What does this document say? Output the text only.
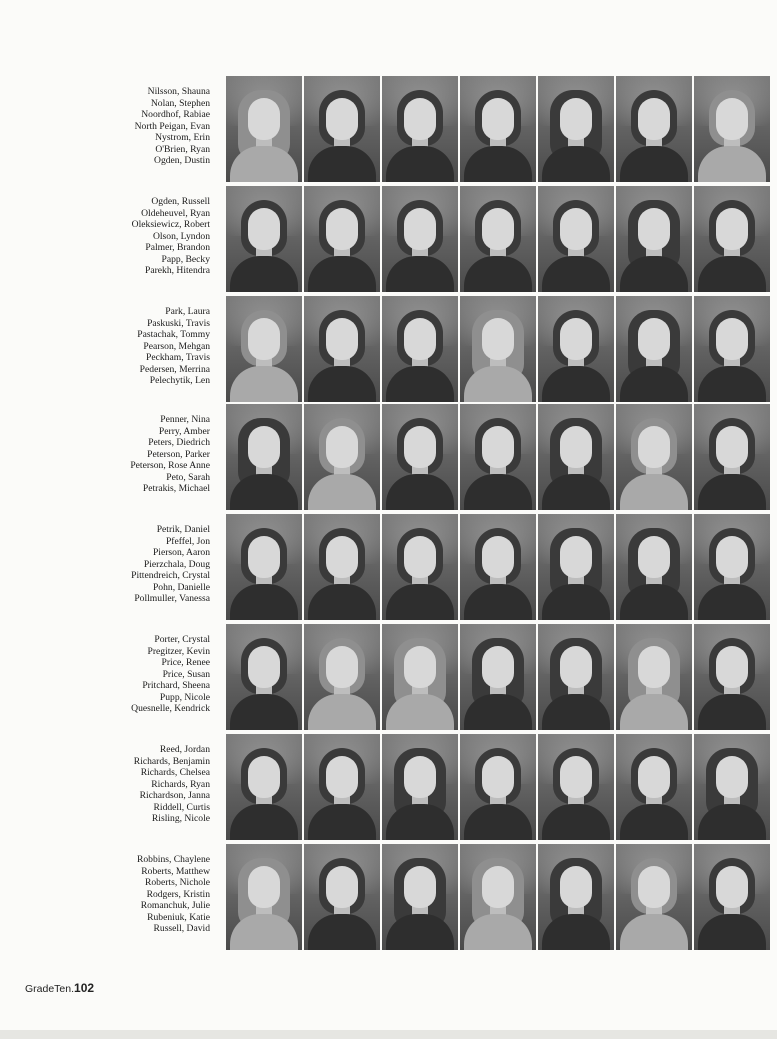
Nilsson, Shauna
Nolan, Stephen
Noordhof, Rabiae
North Peigan, Evan
Nystrom, Erin
O'Brien, Ryan
Ogden, Dustin
Ogden, Russell
Oldeheuvel, Ryan
Oleksiewicz, Robert
Olson, Lyndon
Palmer, Brandon
Papp, Becky
Parekh, Hitendra
Park, Laura
Paskuski, Travis
Pastachak, Tommy
Pearson, Mehgan
Peckham, Travis
Pedersen, Merrina
Pelechytik, Len
Penner, Nina
Perry, Amber
Peters, Diedrich
Peterson, Parker
Peterson, Rose Anne
Peto, Sarah
Petrakis, Michael
Petrik, Daniel
Pfeffel, Jon
Pierson, Aaron
Pierzchala, Doug
Pittendreich, Crystal
Pohn, Danielle
Pollmuller, Vanessa
Porter, Crystal
Pregitzer, Kevin
Price, Renee
Price, Susan
Pritchard, Sheena
Pupp, Nicole
Quesnelle, Kendrick
Reed, Jordan
Richards, Benjamin
Richards, Chelsea
Richards, Ryan
Richardson, Janna
Riddell, Curtis
Risling, Nicole
Robbins, Chaylene
Roberts, Matthew
Roberts, Nichole
Rodgers, Kristin
Romanchuk, Julie
Rubeniuk, Katie
Russell, David
GradeTen.102
